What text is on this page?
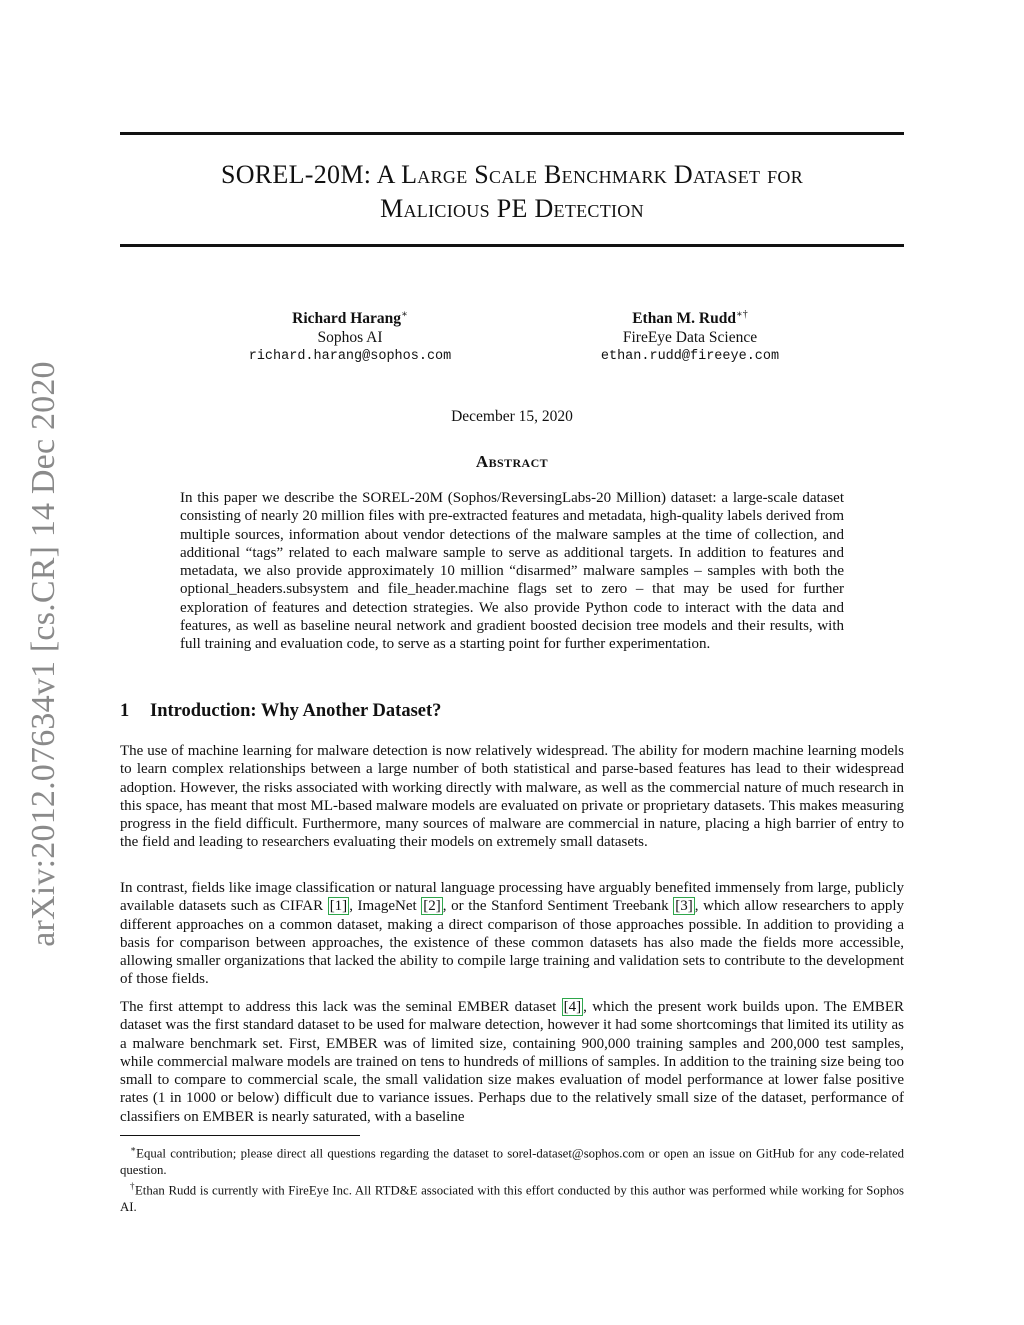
arXiv:2012.07634v1 [cs.CR] 14 Dec 2020
SOREL-20M: A Large Scale Benchmark Dataset for
Malicious PE Detection
Richard Harang∗
Sophos AI
richard.harang@sophos.com
Ethan M. Rudd∗†
FireEye Data Science
ethan.rudd@fireeye.com
December 15, 2020
Abstract
In this paper we describe the SOREL-20M (Sophos/ReversingLabs-20 Million) dataset: a large-scale dataset consisting of nearly 20 million files with pre-extracted features and metadata, high-quality labels derived from multiple sources, information about vendor detections of the malware samples at the time of collection, and additional “tags” related to each malware sample to serve as additional targets. In addition to features and metadata, we also provide approximately 10 million “disarmed” malware samples – samples with both the optional_headers.subsystem and file_header.machine flags set to zero – that may be used for further exploration of features and detection strategies. We also provide Python code to interact with the data and features, as well as baseline neural network and gradient boosted decision tree models and their results, with full training and evaluation code, to serve as a starting point for further experimentation.
1 Introduction: Why Another Dataset?
The use of machine learning for malware detection is now relatively widespread. The ability for modern machine learning models to learn complex relationships between a large number of both statistical and parse-based features has lead to their widespread adoption. However, the risks associated with working directly with malware, as well as the commercial nature of much research in this space, has meant that most ML-based malware models are evaluated on private or proprietary datasets. This makes measuring progress in the field difficult. Furthermore, many sources of malware are commercial in nature, placing a high barrier of entry to the field and leading to researchers evaluating their models on extremely small datasets.
In contrast, fields like image classification or natural language processing have arguably benefited immensely from large, publicly available datasets such as CIFAR [1] , ImageNet [2] , or the Stanford Sentiment Treebank [3] , which allow researchers to apply different approaches on a common dataset, making a direct comparison of those approaches possible. In addition to providing a basis for comparison between approaches, the existence of these common datasets has also made the fields more accessible, allowing smaller organizations that lacked the ability to compile large training and validation sets to contribute to the development of those fields.
The first attempt to address this lack was the seminal EMBER dataset [4] , which the present work builds upon. The EMBER dataset was the first standard dataset to be used for malware detection, however it had some shortcomings that limited its utility as a malware benchmark set. First, EMBER was of limited size, containing 900,000 training samples and 200,000 test samples, while commercial malware models are trained on tens to hundreds of millions of samples. In addition to the training size being too small to compare to commercial scale, the small validation size makes evaluation of model performance at lower false positive rates (1 in 1000 or below) difficult due to variance issues. Perhaps due to the relatively small size of the dataset, performance of classifiers on EMBER is nearly saturated, with a baseline
∗Equal contribution; please direct all questions regarding the dataset to sorel-dataset@sophos.com or open an issue on GitHub for any code-related question.
†Ethan Rudd is currently with FireEye Inc. All RTD&E associated with this effort conducted by this author was performed while working for Sophos AI.
